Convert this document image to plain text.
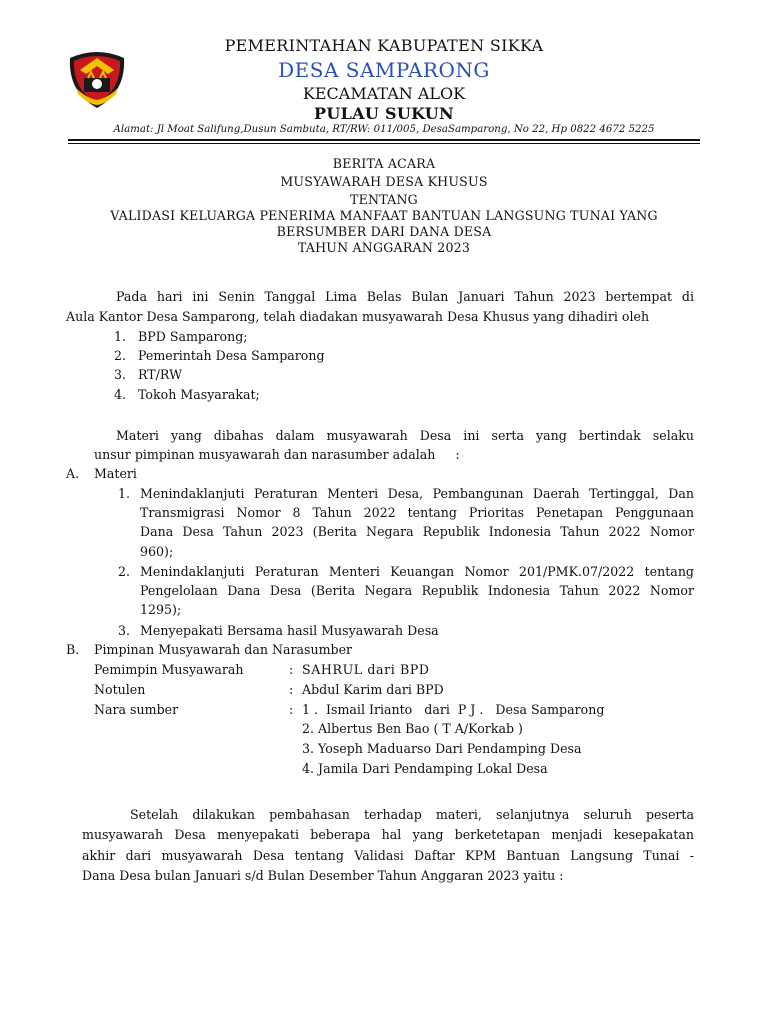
PEMERINTAHAN KABUPATEN SIKKA
DESA SAMPARONG
KECAMATAN ALOK
PULAU SUKUN
Alamat: Jl Moat Salifung,Dusun Sambuta, RT/RW: 011/005, DesaSamparong, No 22, Hp 0822 4672 5225
BERITA ACARA
MUSYAWARAH DESA KHUSUS
TENTANG
VALIDASI KELUARGA PENERIMA MANFAAT BANTUAN LANGSUNG TUNAI YANG
BERSUMBER DARI DANA DESA
TAHUN ANGGARAN 2023
Pada hari ini Senin Tanggal Lima Belas Bulan Januari Tahun 2023 bertempat di
Aula Kantor Desa Samparong, telah diadakan musyawarah Desa Khusus yang dihadiri oleh
1. BPD Samparong;
2. Pemerintah Desa Samparong
3. RT/RW
4. Tokoh Masyarakat;
Materi yang dibahas dalam musyawarah Desa ini serta yang bertindak selaku
unsur pimpinan musyawarah dan narasumber adalah     :
A. Materi
1. Menindaklanjuti Peraturan Menteri Desa, Pembangunan Daerah Tertinggal, Dan
Transmigrasi Nomor 8 Tahun 2022 tentang Prioritas Penetapan Penggunaan
Dana Desa Tahun 2023 (Berita Negara Republik Indonesia Tahun 2022 Nomor
960);
2. Menindaklanjuti Peraturan Menteri Keuangan Nomor 201/PMK.07/2022 tentang
Pengelolaan Dana Desa (Berita Negara Republik Indonesia Tahun 2022 Nomor
1295);
3. Menyepakati Bersama hasil Musyawarah Desa
B. Pimpinan Musyawarah dan Narasumber
Pemimpin Musyawarah	: SAHRUL dari BPD
Notulen	: Abdul Karim dari BPD
Nara sumber	: 1 .  Ismail Irianto   dari  P J .   Desa Samparong
2. Albertus Ben Bao ( T A/Korkab )
3. Yoseph Maduarso Dari Pendamping Desa
4. Jamila Dari Pendamping Lokal Desa
Setelah dilakukan pembahasan terhadap materi, selanjutnya seluruh peserta
musyawarah Desa menyepakati beberapa hal yang berketetapan menjadi kesepakatan
akhir dari musyawarah Desa tentang Validasi Daftar KPM Bantuan Langsung Tunai -
Dana Desa bulan Januari s/d Bulan Desember Tahun Anggaran 2023 yaitu :
